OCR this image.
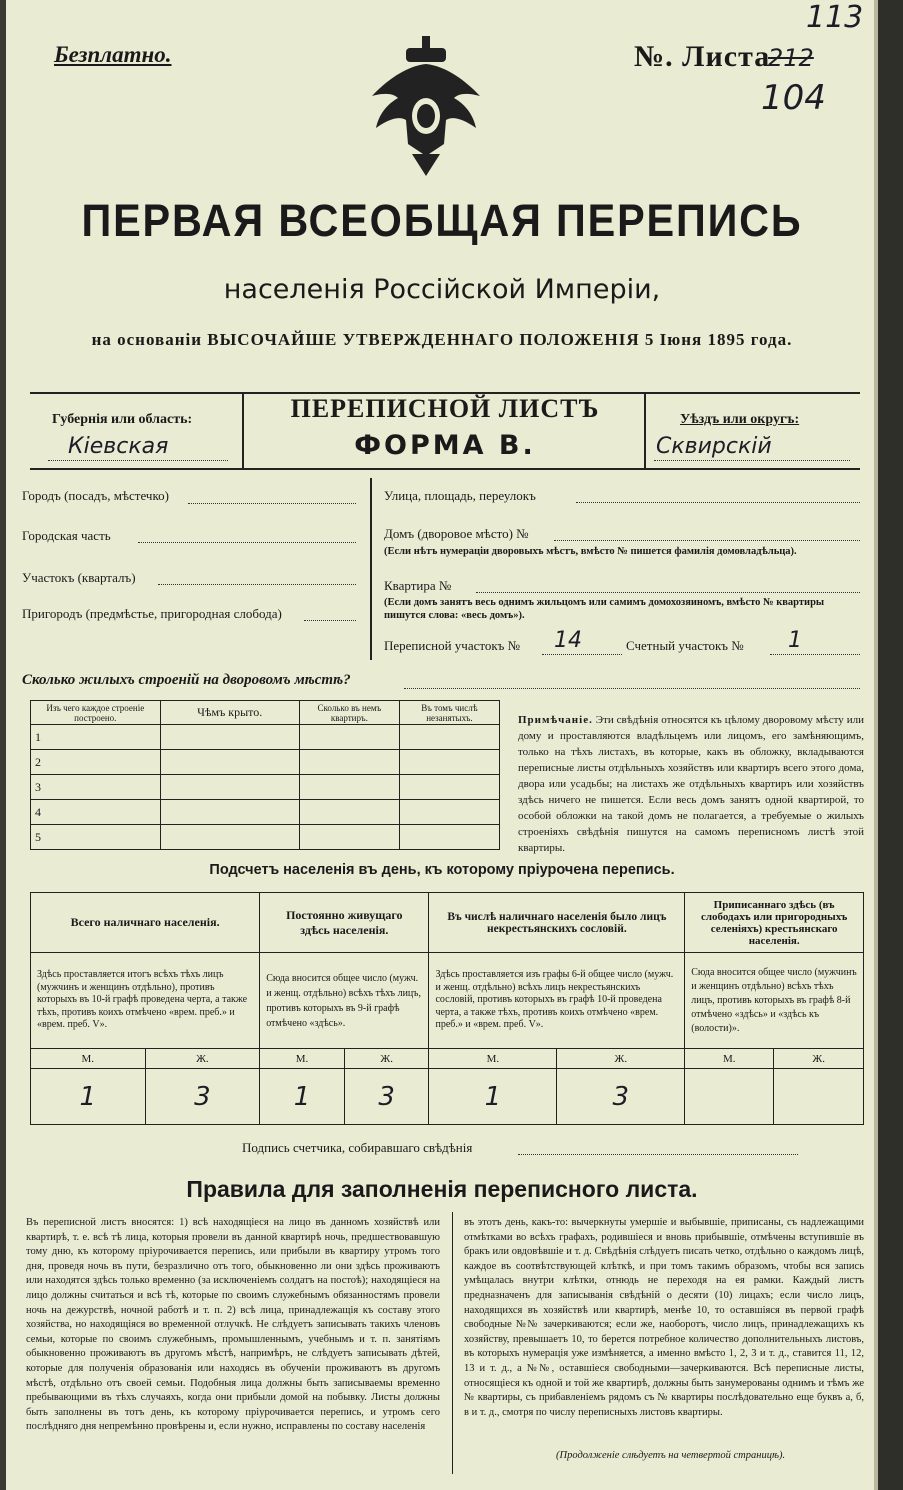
Безплатно.	№. Листа
212
113
104
ПЕРВАЯ ВСЕОБЩАЯ ПЕРЕПИСЬ
населенія Россійской Имперіи,
на основаніи ВЫСОЧАЙШЕ УТВЕРЖДЕННАГО ПОЛОЖЕНІЯ 5 Іюня 1895 года.
Губернія или область:
Кіевская
ПЕРЕПИСНОЙ ЛИСТЪ
ФОРМА В.
Уѣздъ или округъ:
Сквирскій
Городъ (посадъ, мѣстечко)
Городская часть
Участокъ (кварталъ)
Пригородъ (предмѣстье, пригородная слобода)
Улица, площадь, переулокъ
Домъ (дворовое мѣсто) №
(Если нѣтъ нумераціи дворовыхъ мѣстъ, вмѣсто № пишется фамилія домовладѣльца).
Квартира №
(Если домъ занятъ весь однимъ жильцомъ или самимъ домохозяиномъ, вмѣсто № квартиры пишутся слова: «весь домъ»).
Переписной участокъ № 14	Счетный участокъ № 1
Сколько жилыхъ строеній на дворовомъ мѣстѣ?
Изъ чего каждое строеніе построено.	Чѣмъ крыто.	Сколько въ немъ квартиръ.	Въ томъ числѣ незанятыхъ.
1			
2			
3			
4			
5			
Примѣчаніе. Эти свѣдѣнія относятся къ цѣлому дворовому мѣсту или дому и проставляются владѣльцемъ или лицомъ, его замѣняющимъ, только на тѣхъ листахъ, въ которые, какъ въ обложку, вкладываются переписные листы отдѣльныхъ хозяйствъ или квартиръ всего этого дома, двора или усадьбы; на листахъ же отдѣльныхъ квартиръ или хозяйствъ здѣсь ничего не пишется. Если весь домъ занятъ одной квартирой, то особой обложки на такой домъ не полагается, а требуемые о жилыхъ строеніяхъ свѣдѣнія пишутся на самомъ переписномъ листѣ этой квартиры.
Подсчетъ населенія въ день, къ которому пріурочена перепись.
Всего наличнаго населенія.		Постоянно живущаго здѣсь населенія.		Въ числѣ наличнаго населенія было лицъ некрестьянскихъ сословій.		Приписаннаго здѣсь (въ слободахъ или пригородныхъ селеніяхъ) крестьянскаго населенія.	
Здѣсь проставляется итогъ всѣхъ тѣхъ лицъ (мужчинъ и женщинъ отдѣльно), противъ которыхъ въ 10-й графѣ проведена черта, а также тѣхъ, противъ коихъ отмѣчено «врем. преб.» и «врем. преб. V».		Сюда вносится общее число (мужч. и женщ. отдѣльно) всѣхъ тѣхъ лицъ, противъ которыхъ въ 9-й графѣ отмѣчено «здѣсь».		Здѣсь проставляется изъ графы 6-й общее число (мужч. и женщ. отдѣльно) всѣхъ лицъ некрестьянскихъ сословій, противъ которыхъ въ графѣ 10-й проведена черта, а также тѣхъ, противъ коихъ отмѣчено «врем. преб.» и «врем. преб. V».		Сюда вносится общее число (мужчинъ и женщинъ отдѣльно) всѣхъ тѣхъ лицъ, противъ которыхъ въ графѣ 8-й отмѣчено «здѣсь» и «здѣсь къ (волости)».	
М.	Ж.	М.	Ж.	М.	Ж.	М.	Ж.
1	3	1	3	1	3		
Подпись счетчика, собиравшаго свѣдѣнія
Правила для заполненія переписного листа.
Въ переписной листъ вносятся: 1) всѣ находящіеся на лицо въ данномъ хозяйствѣ или квартирѣ, т. е. всѣ тѣ лица, которыя провели въ данной квартирѣ ночь, предшествовавшую тому дню, къ которому пріурочивается перепись, или прибыли въ квартиру утромъ того дня, проведя ночь въ пути, безразлично отъ того, обыкновенно ли они здѣсь проживаютъ или находятся здѣсь только временно (за исключеніемъ солдатъ на постоѣ); находящіеся на лицо должны считаться и всѣ тѣ, которые по своимъ служебнымъ обязанностямъ провели ночь на дежурствѣ, ночной работѣ и т. п. 2) всѣ лица, принадлежащія къ составу этого хозяйства, но находящіяся во временной отлучкѣ. Не слѣдуетъ записывать такихъ членовъ семьи, которые по своимъ служебнымъ, промышленнымъ, учебнымъ и т. п. занятіямъ обыкновенно проживаютъ въ другомъ мѣстѣ, напримѣръ, не слѣдуетъ записывать дѣтей, которые для полученія образованія или находясь въ обученіи проживаютъ въ другомъ мѣстѣ, отдѣльно отъ своей семьи. Подобныя лица должны быть записываемы временно пребывающими въ тѣхъ случаяхъ, когда они прибыли домой на побывку. Листы должны быть заполнены въ тотъ день, къ которому пріурочивается перепись, и утромъ сего послѣдняго дня непремѣнно провѣрены и, если нужно, исправлены по составу населенія
въ этотъ день, какъ-то: вычеркнуты умершіе и выбывшіе, приписаны, съ надлежащими отмѣтками во всѣхъ графахъ, родившіеся и вновь прибывшіе, отмѣчены вступившіе въ бракъ или овдовѣвшіе и т. д. Свѣдѣнія слѣдуетъ писать четко, отдѣльно о каждомъ лицѣ, каждое въ соотвѣтствующей клѣткѣ, и при томъ такимъ образомъ, чтобы вся запись умѣщалась внутри клѣтки, отнюдь не переходя на ея рамки. Каждый листъ предназначенъ для записыванія свѣдѣній о десяти (10) лицахъ; если число лицъ, находящихся въ хозяйствѣ или квартирѣ, менѣе 10, то оставшіяся въ первой графѣ свободные №№ зачеркиваются; если же, наоборотъ, число лицъ, принадлежащихъ къ хозяйству, превышаетъ 10, то берется потребное количество дополнительныхъ листовъ, въ которыхъ нумерація уже измѣняется, а именно вмѣсто 1, 2, 3 и т. д., ставится 11, 12, 13 и т. д., а №№, оставшіеся свободными—зачеркиваются. Всѣ переписные листы, относящіеся къ одной и той же квартирѣ, должны быть занумерованы однимъ и тѣмъ же № квартиры, съ прибавленіемъ рядомъ съ № квартиры послѣдовательно еще буквъ а, б, в и т. д., смотря по числу переписныхъ листовъ квартиры.
(Продолженіе слѣдуетъ на четвертой страницѣ).
